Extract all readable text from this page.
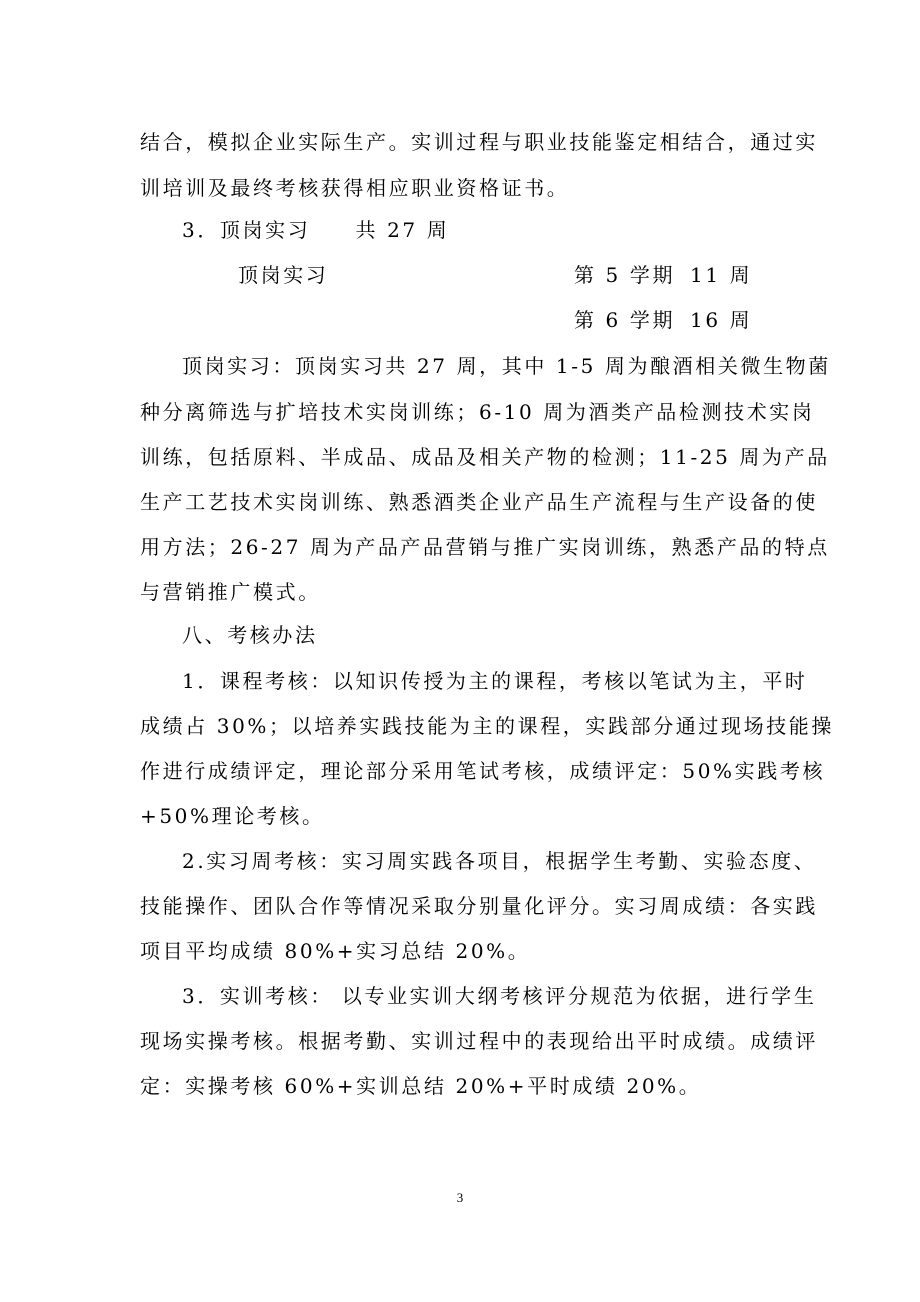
结合，模拟企业实际生产。实训过程与职业技能鉴定相结合，通过实
训培训及最终考核获得相应职业资格证书。
3．顶岗实习　　共 27 周
顶岗实习	第 5 学期 11 周
第 6 学期 16 周
顶岗实习：顶岗实习共 27 周，其中 1-5 周为酿酒相关微生物菌
种分离筛选与扩培技术实岗训练；6-10 周为酒类产品检测技术实岗
训练，包括原料、半成品、成品及相关产物的检测；11-25 周为产品
生产工艺技术实岗训练、熟悉酒类企业产品生产流程与生产设备的使
用方法；26-27 周为产品产品营销与推广实岗训练，熟悉产品的特点
与营销推广模式。
八、考核办法
1．课程考核：以知识传授为主的课程，考核以笔试为主，平时
成绩占 30%；以培养实践技能为主的课程，实践部分通过现场技能操
作进行成绩评定，理论部分采用笔试考核，成绩评定：50%实践考核
+50%理论考核。
2.实习周考核：实习周实践各项目，根据学生考勤、实验态度、
技能操作、团队合作等情况采取分别量化评分。实习周成绩：各实践
项目平均成绩 80%+实习总结 20%。
3．实训考核： 以专业实训大纲考核评分规范为依据，进行学生
现场实操考核。根据考勤、实训过程中的表现给出平时成绩。成绩评
定：实操考核 60%+实训总结 20%+平时成绩 20%。
3
